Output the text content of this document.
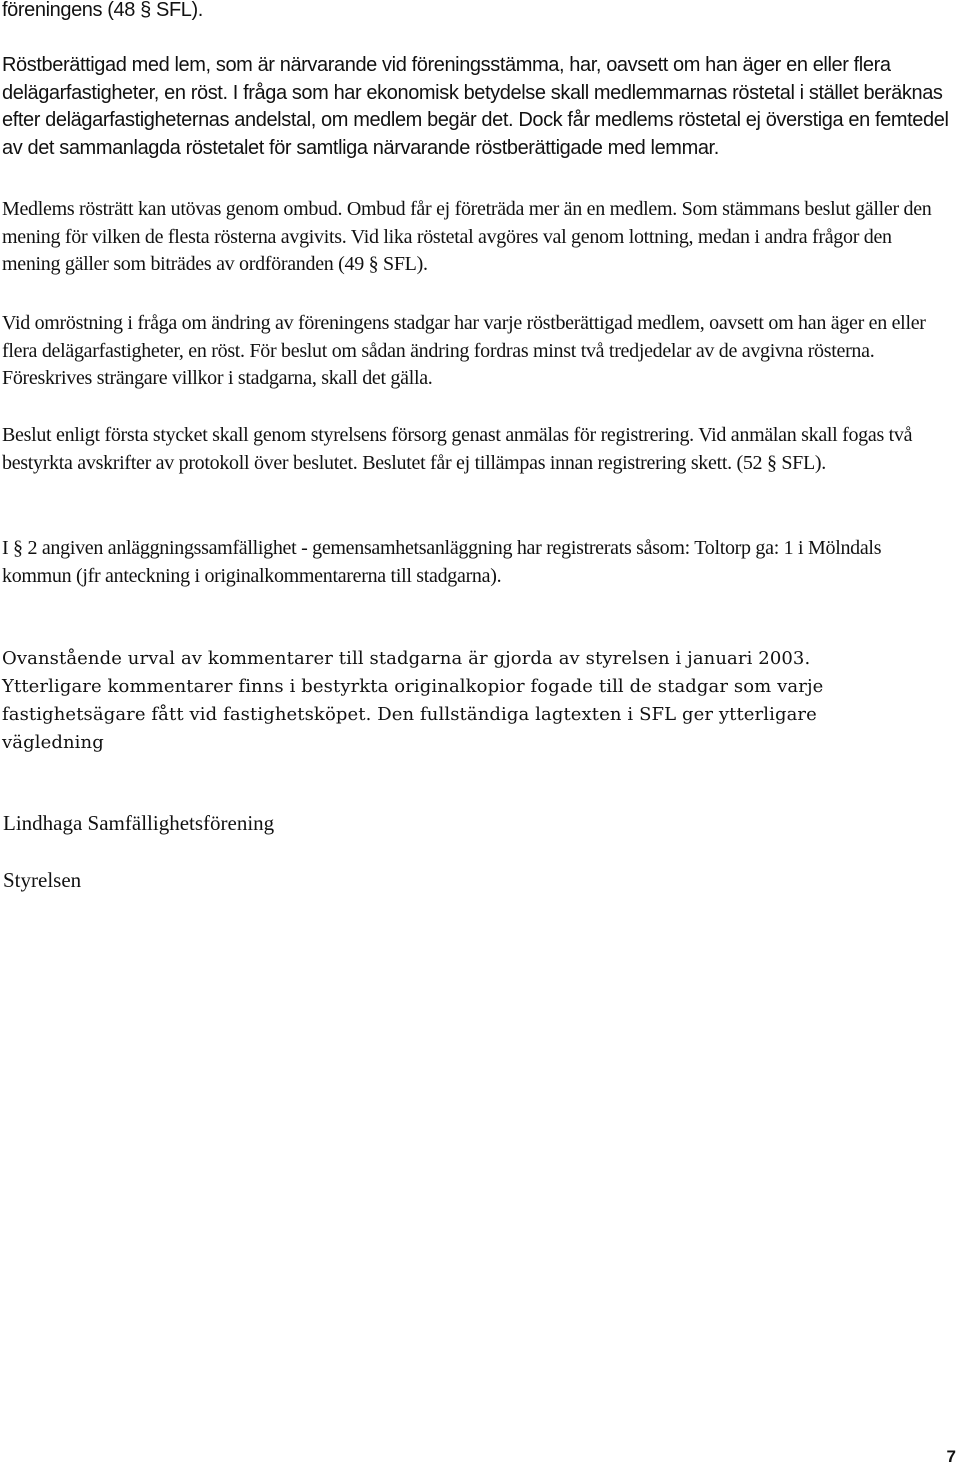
föreningens (48 § SFL).

Röstberättigad med lem, som är närvarande vid föreningsstämma, har, oavsett om han äger en eller flera delägarfastigheter, en röst. I fråga som har ekonomisk betydelse skall medlemmarnas röstetal i stället beräknas efter delägarfastigheternas andelstal, om medlem begär det. Dock får medlems röstetal ej överstiga en femtedel av det sammanlagda röstetalet för samtliga närvarande röstberättigade med lemmar.

Medlems rösträtt kan utövas genom ombud. Ombud får ej företräda mer än en medlem. Som stämmans beslut gäller den mening för vilken de flesta rösterna avgivits. Vid lika röstetal avgöres val genom lottning, medan i andra frågor den mening gäller som biträdes av ordföranden (49 § SFL).

Vid omröstning i fråga om ändring av föreningens stadgar har varje röstberättigad medlem, oavsett om han äger en eller flera delägarfastigheter, en röst. För beslut om sådan ändring fordras minst två tredjedelar av de avgivna rösterna. Föreskrives strängare villkor i stadgarna, skall det gälla.

Beslut enligt första stycket skall genom styrelsens försorg genast anmälas för registrering. Vid anmälan skall fogas två bestyrkta avskrifter av protokoll över beslutet. Beslutet får ej tillämpas innan registrering skett. (52 § SFL).

I § 2 angiven anläggningssamfällighet - gemensamhetsanläggning har registrerats såsom: Toltorp ga: 1 i Mölndals kommun (jfr anteckning i originalkommentarerna till stadgarna).

Ovanstående urval av kommentarer till stadgarna är gjorda av styrelsen i januari 2003. Ytterligare kommentarer finns i bestyrkta originalkopior fogade till de stadgar som varje fastighetsägare fått vid fastighetsköpet. Den fullständiga lagtexten i SFL ger ytterligare vägledning

Lindhaga Samfällighetsförening

Styrelsen

7
